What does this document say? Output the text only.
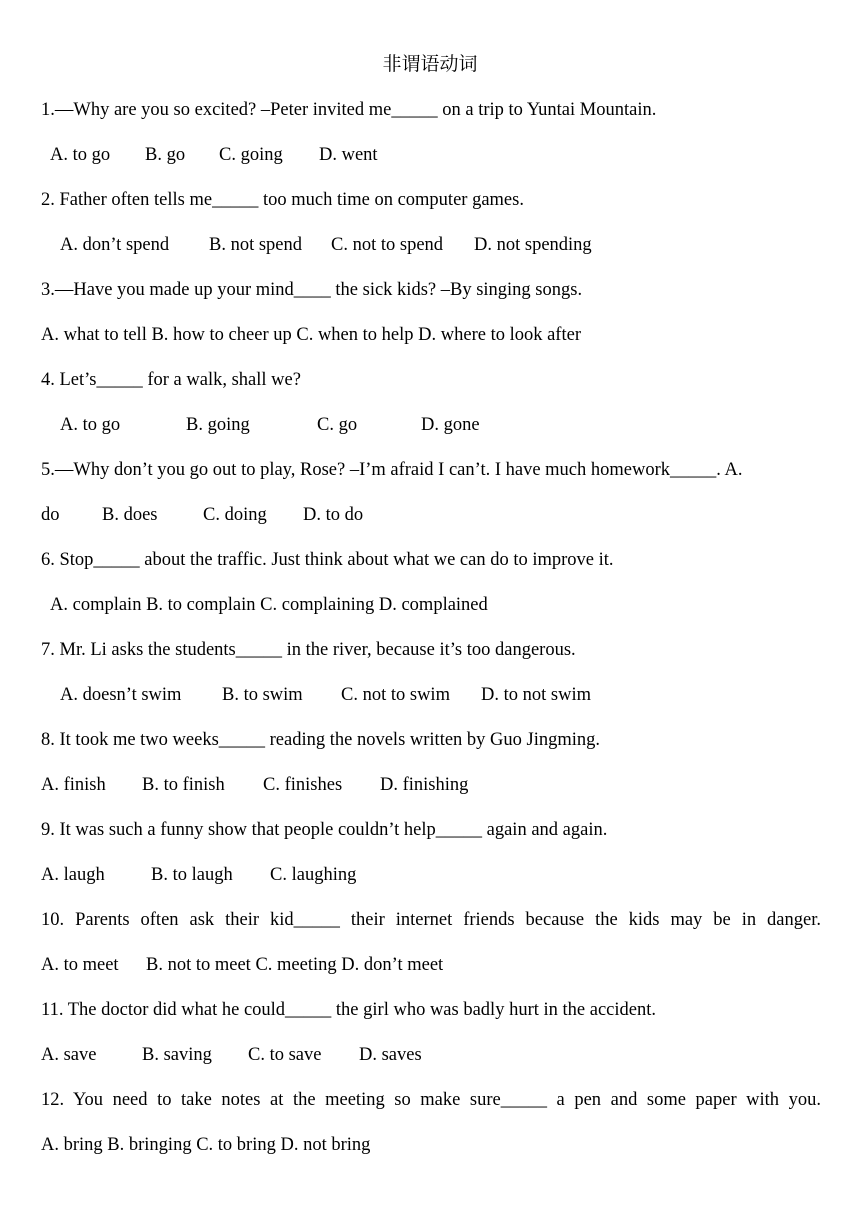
非谓语动词
1.—Why are you so excited? –Peter invited me_____ on a trip to Yuntai Mountain.
A. to go B. go C. going D. went
2. Father often tells me_____ too much time on computer games.
A. don’t spend B. not spend C. not to spend D. not spending
3.—Have you made up your mind____ the sick kids? –By singing songs.
A. what to tell B. how to cheer up C. when to help D. where to look after
4. Let’s_____ for a walk, shall we?
A. to go	B. going	C. go	D. gone
5.—Why don’t you go out to play, Rose? –I’m afraid I can’t. I have much homework_____. A.
do B. does C. doing D. to do
6. Stop_____ about the traffic. Just think about what we can do to improve it.
A. complain B. to complain C. complaining D. complained
7. Mr. Li asks the students_____ in the river, because it’s too dangerous.
A. doesn’t swim B. to swim C. not to swim D. to not swim
8. It took me two weeks_____ reading the novels written by Guo Jingming.
A. finish B. to finish C. finishes D. finishing
9. It was such a funny show that people couldn’t help_____ again and again.
A. laugh	B. to laugh C. laughing
10. Parents often ask their kid_____ their internet friends because the kids may be in danger.
A. to meet B. not to meet C. meeting D. don’t meet
11. The doctor did what he could_____ the girl who was badly hurt in the accident.
A. save B. saving C. to save D. saves
12. You need to take notes at the meeting so make sure_____ a pen and some paper with you.
A. bring B. bringing C. to bring D. not bring
